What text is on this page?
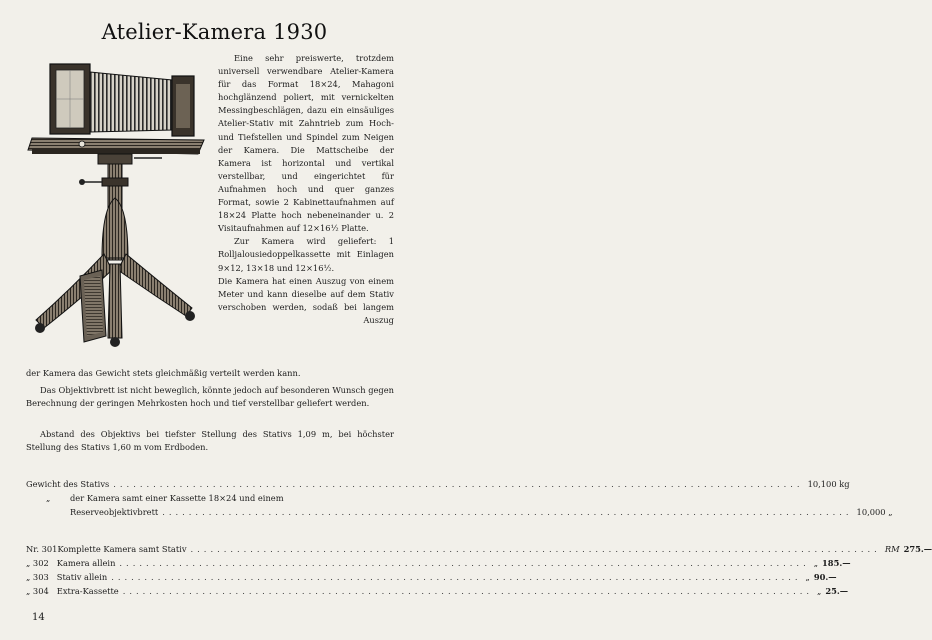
Atelier-Kamera 1930

Eine sehr preiswerte, trotzdem universell verwendbare Atelier-Kamera für das Format 18×24, Mahagoni hochglänzend poliert, mit vernickelten Messingbeschlägen, dazu ein einsäuliges Atelier-Stativ mit Zahntrieb zum Hoch- und Tiefstellen und Spindel zum Neigen der Kamera. Die Mattscheibe der Kamera ist horizontal und vertikal verstellbar, und eingerichtet für Aufnahmen hoch und quer ganzes Format, sowie 2 Kabinettaufnahmen auf 18×24 Platte hoch nebeneinander u. 2 Visitaufnahmen auf 12×16½ Platte.

Zur Kamera wird geliefert: 1 Rolljalousiedoppelkassette mit Einlagen 9×12, 13×18 und 12×16½.

Die Kamera hat einen Auszug von einem Meter und kann dieselbe auf dem Stativ verschoben werden, sodaß bei langem Auszug

der Kamera das Gewicht stets gleichmäßig verteilt werden kann.
Das Objektivbrett ist nicht beweglich, könnte jedoch auf besonderen Wunsch gegen Berechnung der geringen Mehrkosten hoch und tief verstellbar geliefert werden.
Abstand des Objektivs bei tiefster Stellung des Stativs 1,09 m, bei höchster Stellung des Stativs 1,60 m vom Erdboden.
Gewicht des Stativs ........................................................................................................ 10,100 kg
„	der Kamera samt einer Kassette 18×24 und einem
Reserveobjektivbrett ........................................................................................................ 10,000 „
Nr. 301 Komplette Kamera samt Stativ ........................................................................................................ RM 275.—
„ 302 Kamera allein ........................................................................................................ „ 185.—
„ 303 Stativ allein ........................................................................................................ „ 90.—
„ 304 Extra-Kassette ........................................................................................................ „ 25.—
14
